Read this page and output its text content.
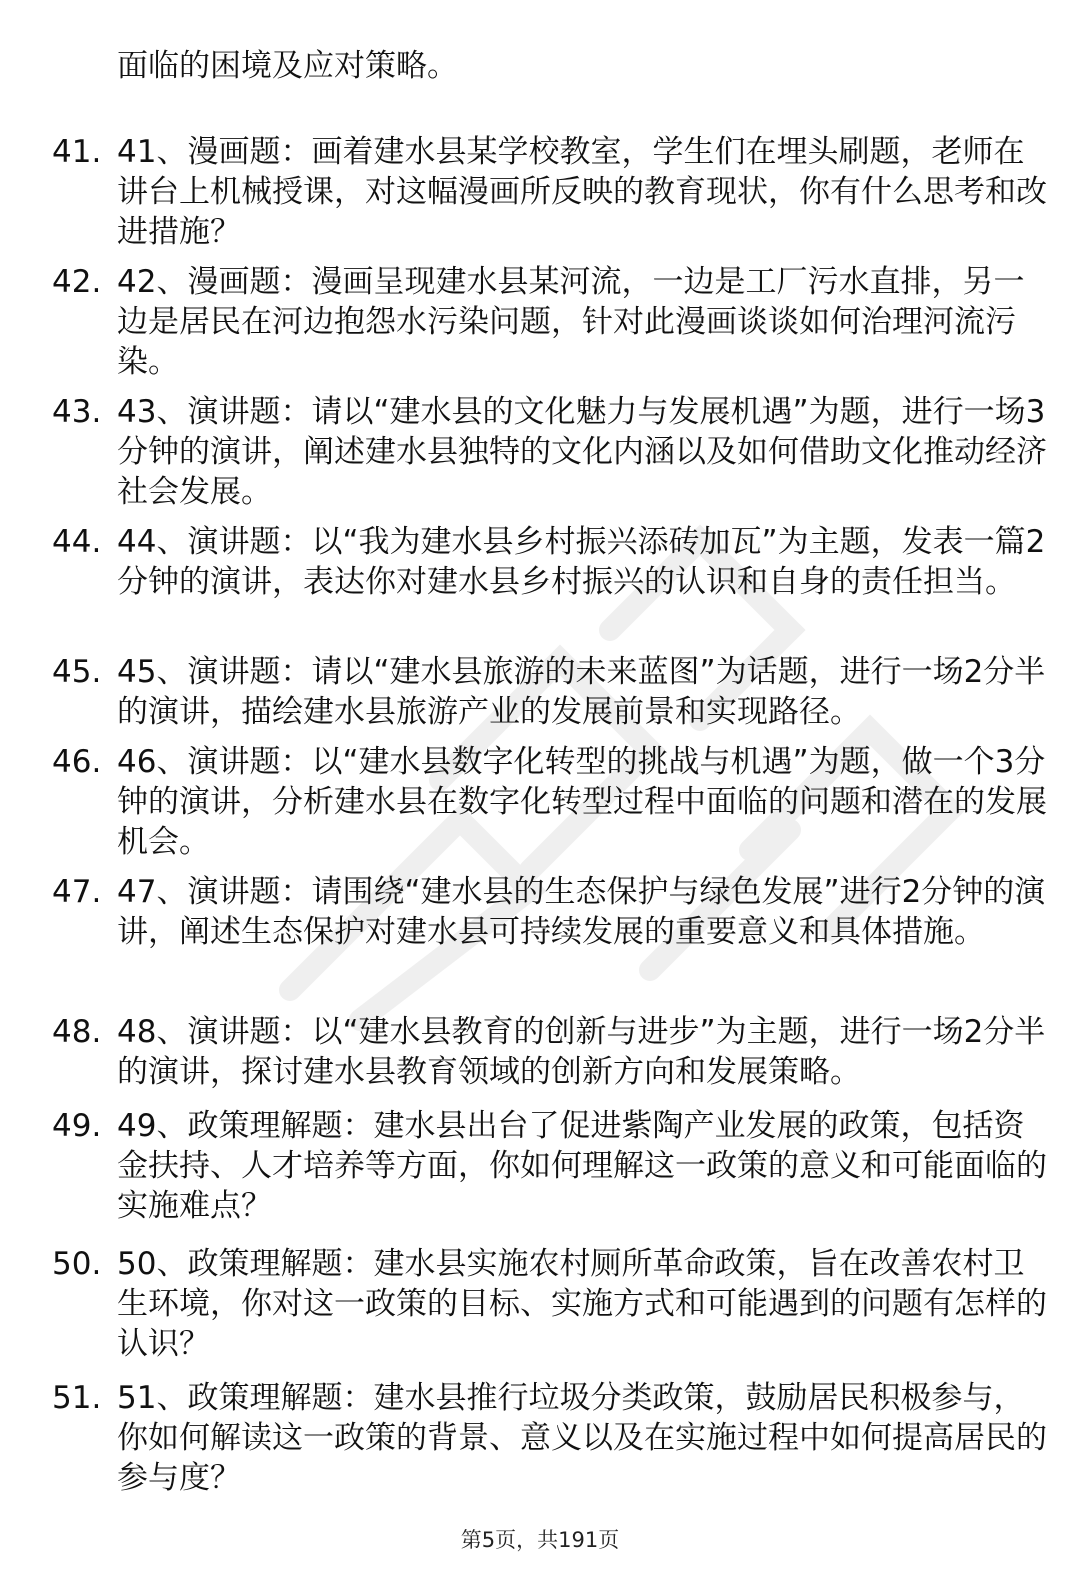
面临的困境及应对策略。
41. 41、漫画题：画着建水县某学校教室，学生们在埋头刷题，老师在讲台上机械授课，对这幅漫画所反映的教育现状，你有什么思考和改进措施？
42. 42、漫画题：漫画呈现建水县某河流，一边是工厂污水直排，另一边是居民在河边抱怨水污染问题，针对此漫画谈谈如何治理河流污染。
43. 43、演讲题：请以“建水县的文化魅力与发展机遇”为题，进行一场3分钟的演讲，阐述建水县独特的文化内涵以及如何借助文化推动经济社会发展。
44. 44、演讲题：以“我为建水县乡村振兴添砖加瓦”为主题，发表一篇2分钟的演讲，表达你对建水县乡村振兴的认识和自身的责任担当。
45. 45、演讲题：请以“建水县旅游的未来蓝图”为话题，进行一场2分半的演讲，描绘建水县旅游产业的发展前景和实现路径。
46. 46、演讲题：以“建水县数字化转型的挑战与机遇”为题，做一个3分钟的演讲，分析建水县在数字化转型过程中面临的问题和潜在的发展机会。
47. 47、演讲题：请围绕“建水县的生态保护与绿色发展”进行2分钟的演讲，阐述生态保护对建水县可持续发展的重要意义和具体措施。
48. 48、演讲题：以“建水县教育的创新与进步”为主题，进行一场2分半的演讲，探讨建水县教育领域的创新方向和发展策略。
49. 49、政策理解题：建水县出台了促进紫陶产业发展的政策，包括资金扶持、人才培养等方面，你如何理解这一政策的意义和可能面临的实施难点？
50. 50、政策理解题：建水县实施农村厕所革命政策，旨在改善农村卫生环境，你对这一政策的目标、实施方式和可能遇到的问题有怎样的认识？
51. 51、政策理解题：建水县推行垃圾分类政策，鼓励居民积极参与，你如何解读这一政策的背景、意义以及在实施过程中如何提高居民的参与度？
第5页，共191页
